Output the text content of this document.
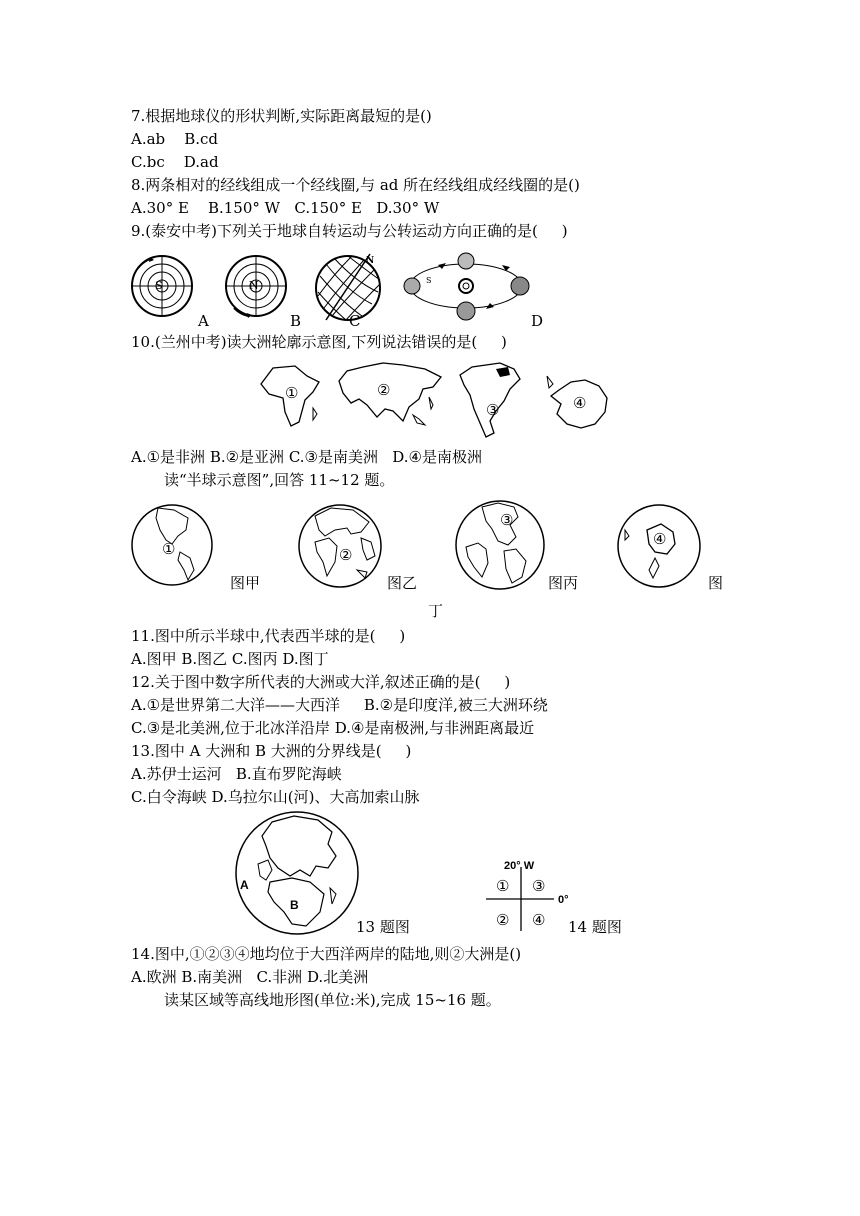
7.根据地球仪的形状判断,实际距离最短的是()
A.ab    B.cd
C.bc    D.ad
8.两条相对的经线组成一个经线圈,与 ad 所在经线组成经线圈的是()
A.30° E    B.150° W   C.150° E   D.30° W
9.(泰安中考)下列关于地球自转运动与公转运动方向正确的是(     )
S
A
N
B
N
C
S
D
10.(兰州中考)读大洲轮廓示意图,下列说法错误的是(     )
①	②
③	④
A.①是非洲 B.②是亚洲 C.③是南美洲   D.④是南极洲
读“半球示意图”,回答 11~12 题。
①
图甲
②
图乙
③
图丙
④
图
丁
11.图中所示半球中,代表西半球的是(     )
A.图甲 B.图乙 C.图丙 D.图丁
12.关于图中数字所代表的大洲或大洋,叙述正确的是(     )
A.①是世界第二大洋——大西洋     B.②是印度洋,被三大洲环绕
C.③是北美洲,位于北冰洋沿岸 D.④是南极洲,与非洲距离最近
13.图中 A 大洲和 B 大洲的分界线是(     )
A.苏伊士运河   B.直布罗陀海峡
C.白令海峡 D.乌拉尔山(河)、大高加索山脉
A
B
13 题图
20° W
0°
① ③
② ④ 14 题图
14.图中,①②③④地均位于大西洋两岸的陆地,则②大洲是()
A.欧洲 B.南美洲   C.非洲 D.北美洲
读某区域等高线地形图(单位:米),完成 15~16 题。
